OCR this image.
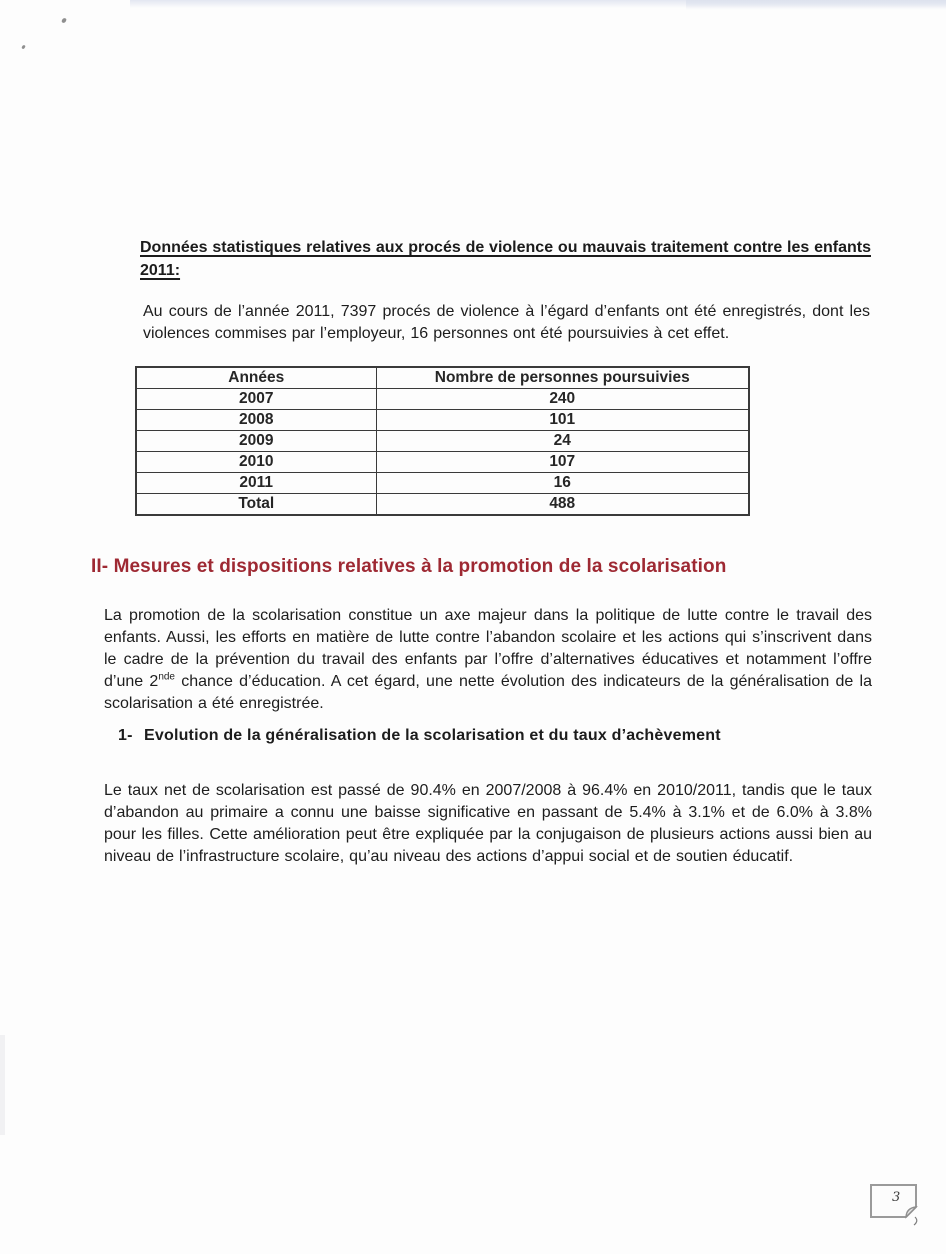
Données statistiques relatives aux procés de violence ou mauvais traitement contre les enfants 2011:

Au cours de l’année 2011, 7397 procés de violence à l’égard d’enfants ont été enregistrés, dont les violences commises par l’employeur, 16 personnes ont été poursuivies à cet effet.

Années	Nombre de personnes poursuivies
2007	240
2008	101
2009	24
2010	107
2011	16
Total	488
II- Mesures et dispositions relatives à la promotion de la scolarisation

La promotion de la scolarisation constitue un axe majeur dans la politique de lutte contre le travail des enfants. Aussi, les efforts en matière de lutte contre l’abandon scolaire et les actions qui s’inscrivent dans le cadre de la prévention du travail des enfants par l’offre d’alternatives éducatives et notamment l’offre d’une 2nde chance d’éducation. A cet égard, une nette évolution des indicateurs de la généralisation de la scolarisation a été enregistrée.

1- Evolution de la généralisation de la scolarisation et du taux d’achèvement

Le taux net de scolarisation est passé de 90.4% en 2007/2008 à 96.4% en 2010/2011, tandis que le taux d’abandon au primaire a connu une baisse significative en passant de 5.4% à 3.1% et de 6.0% à 3.8% pour les filles. Cette amélioration peut être expliquée par la conjugaison de plusieurs actions aussi bien au niveau de l’infrastructure scolaire, qu’au niveau des actions d’appui social et de soutien éducatif.

3
